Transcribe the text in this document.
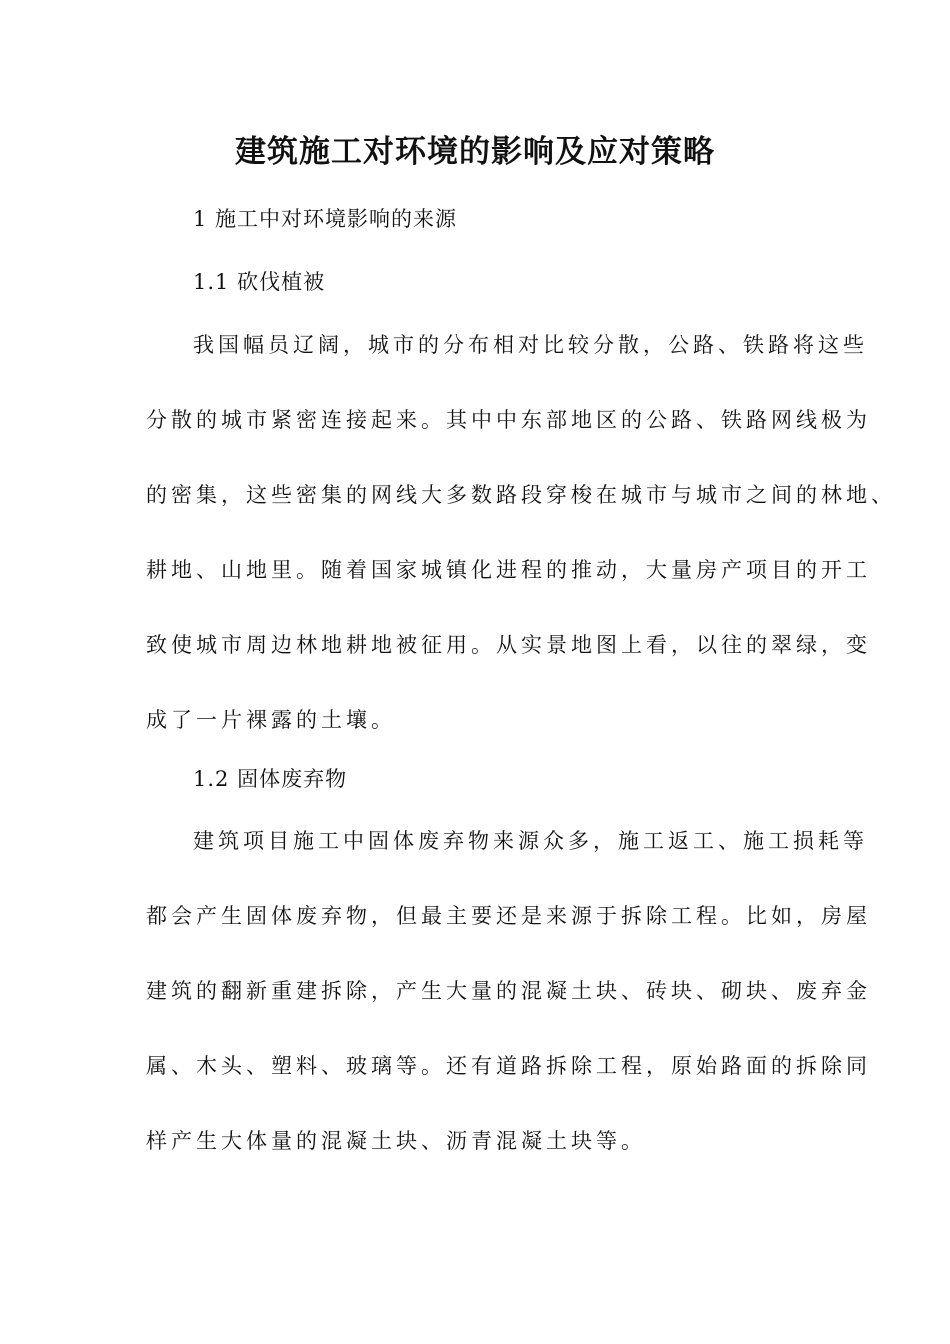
建筑施工对环境的影响及应对策略

1 施工中对环境影响的来源

1.1 砍伐植被

我国幅员辽阔，城市的分布相对比较分散，公路、铁路将这些
分散的城市紧密连接起来。其中中东部地区的公路、铁路网线极为
的密集，这些密集的网线大多数路段穿梭在城市与城市之间的林地、
耕地、山地里。随着国家城镇化进程的推动，大量房产项目的开工
致使城市周边林地耕地被征用。从实景地图上看，以往的翠绿，变
成了一片裸露的土壤。

1.2 固体废弃物

建筑项目施工中固体废弃物来源众多，施工返工、施工损耗等
都会产生固体废弃物，但最主要还是来源于拆除工程。比如，房屋
建筑的翻新重建拆除，产生大量的混凝土块、砖块、砌块、废弃金
属、木头、塑料、玻璃等。还有道路拆除工程，原始路面的拆除同
样产生大体量的混凝土块、沥青混凝土块等。
